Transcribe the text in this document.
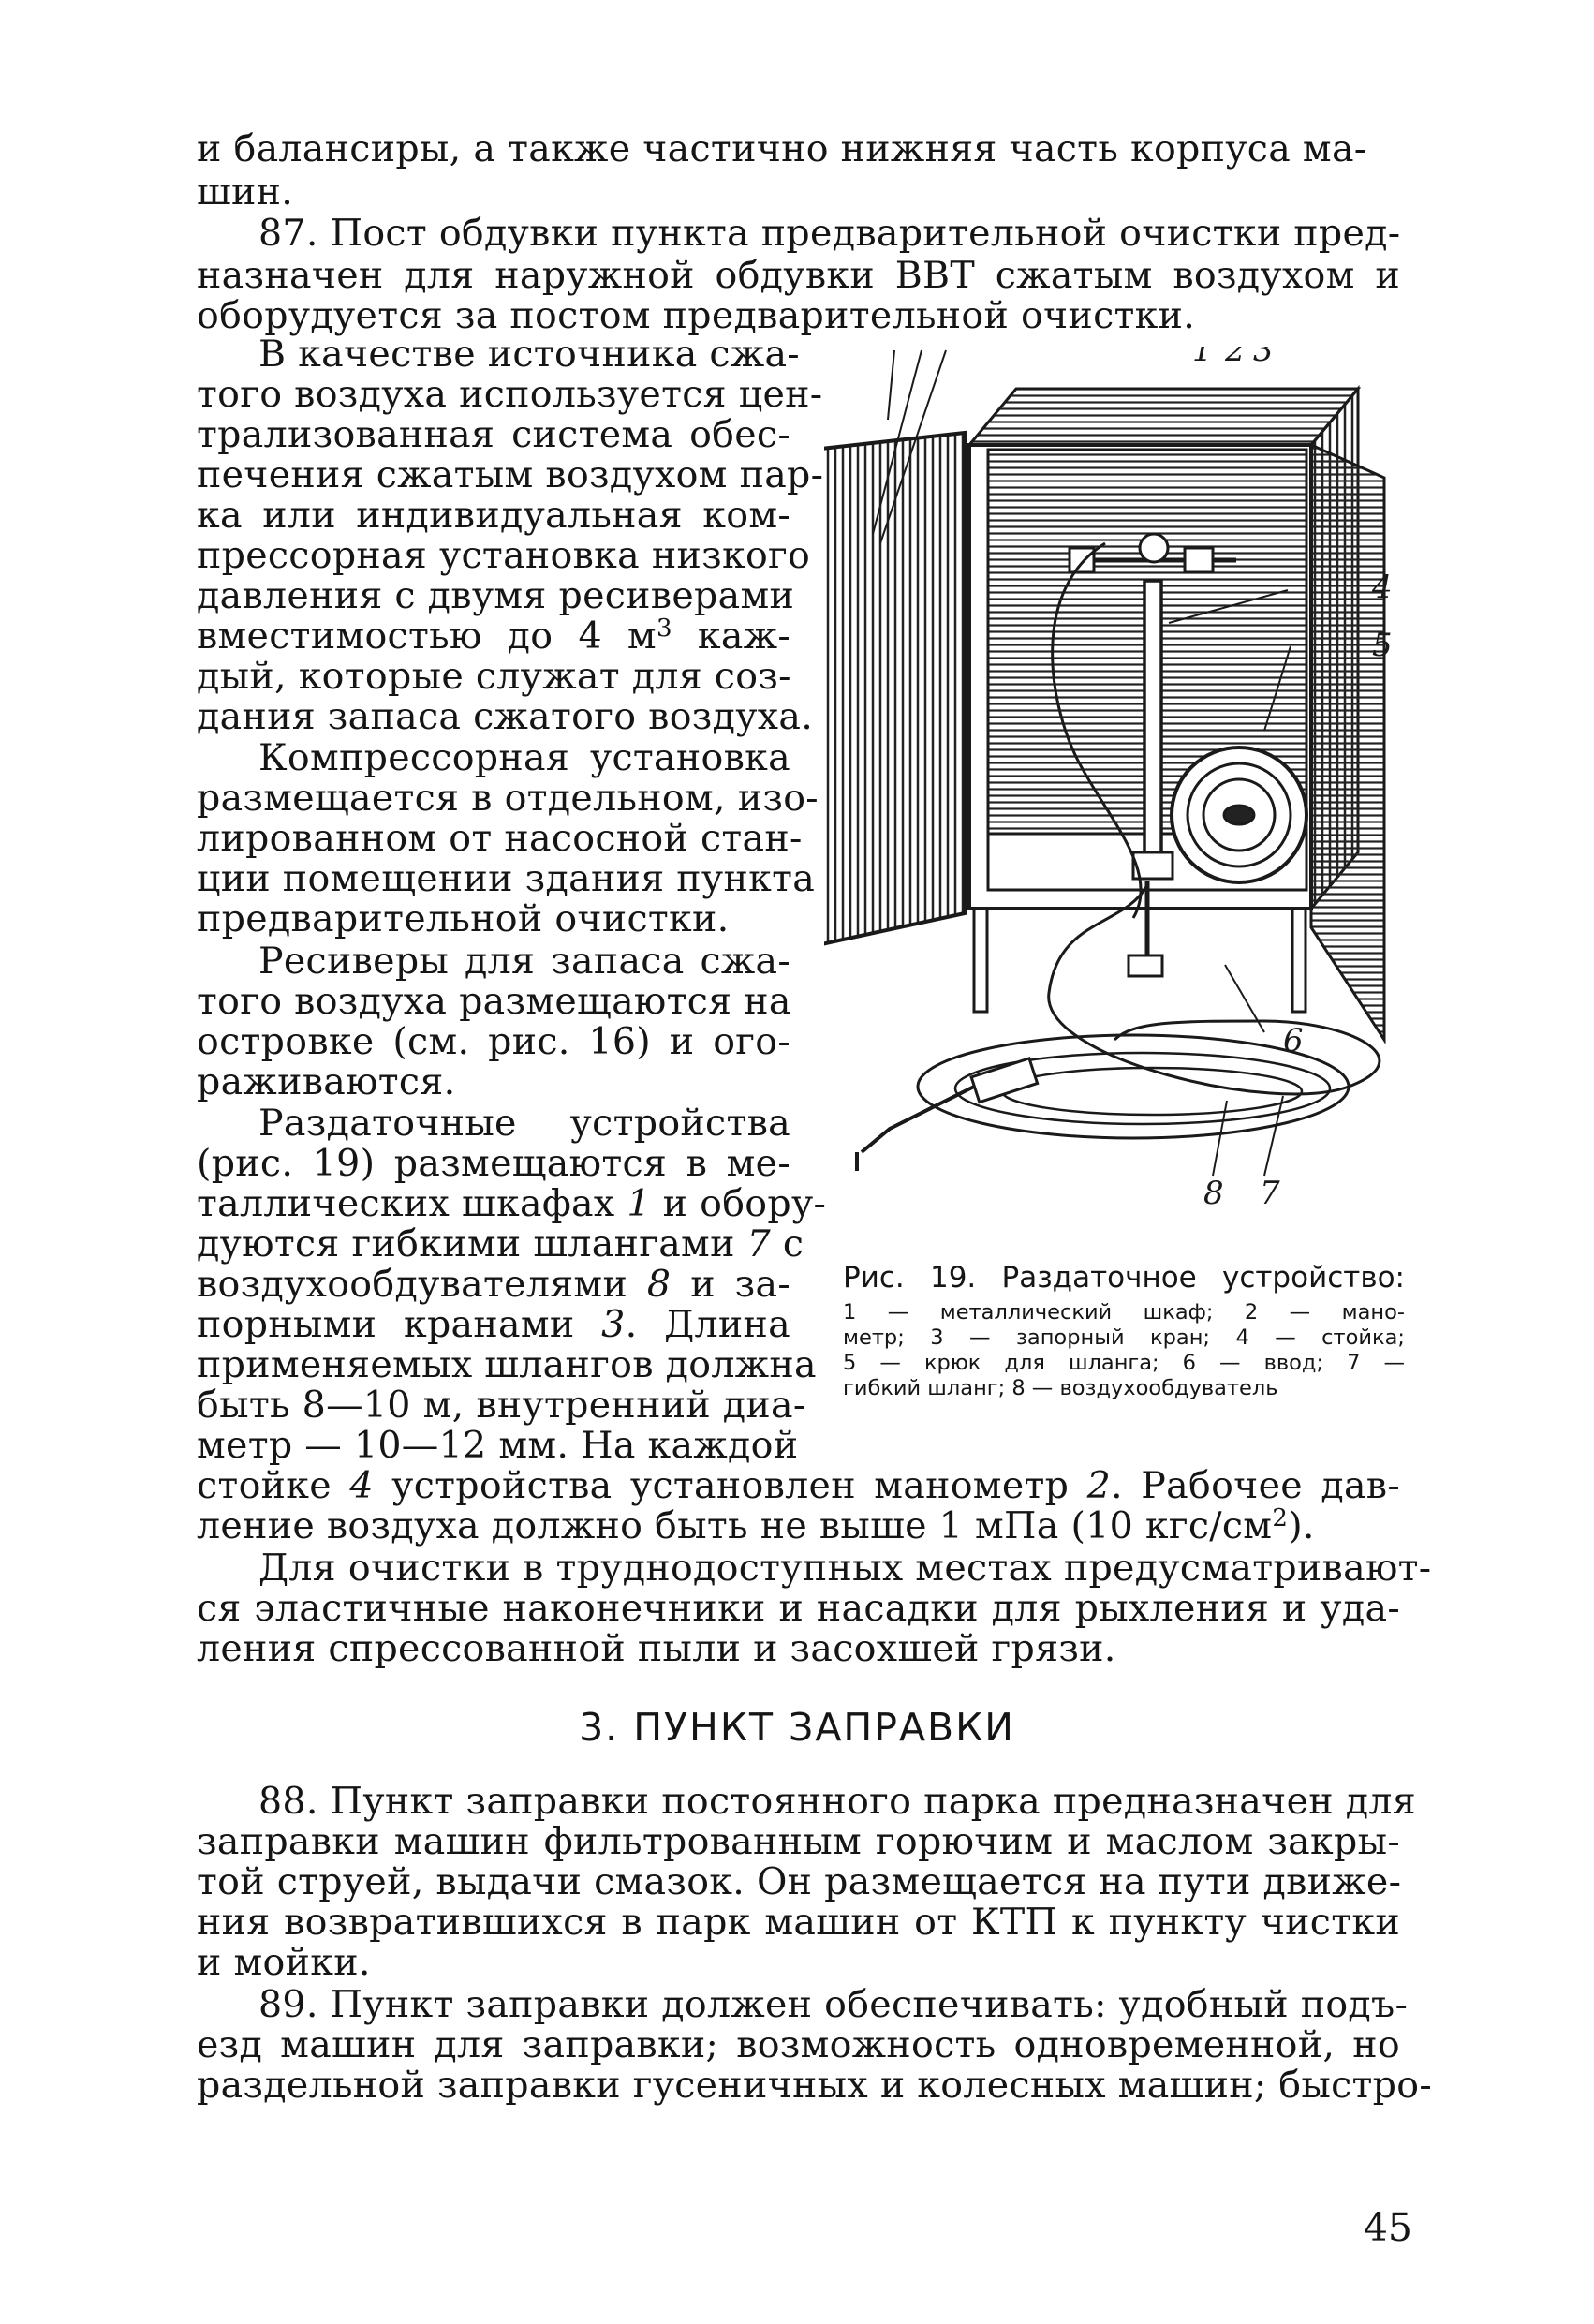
и балансиры, а также частично нижняя часть корпуса ма-
шин.
87. Пост обдувки пункта предварительной очистки пред-
назначен для наружной обдувки ВВТ сжатым воздухом и
оборудуется за постом предварительной очистки.
В качестве источника сжа-
того воздуха используется цен-
трализованная система обес-
печения сжатым воздухом пар-
ка или индивидуальная ком-
прессорная установка низкого
давления с двумя ресиверами
вместимостью до 4 $м^3$ каж-
дый, которые служат для соз-
дания запаса сжатого воздуха.
Компрессорная установка
размещается в отдельном, изо-
лированном от насосной стан-
ции помещении здания пункта
предварительной очистки.
Ресиверы для запаса сжа-
того воздуха размещаются на
островке (см. рис. 16) и ого-
раживаются.
Раздаточные устройства
(рис. 19) размещаются в ме-
таллических шкафах 1 и обору-
дуются гибкими шлангами 7 с
воздухообдувателями 8 и за-
порными кранами 3. Длина
применяемых шлангов должна
быть 8—10 м, внутренний диа-
метр — 10—12 мм. На каждой
стойке 4 устройства установлен манометр 2. Рабочее дав-
ление воздуха должно быть не выше 1 мПа (10 кгс/$см^2$).
Для очистки в труднодоступных местах предусматривают-
ся эластичные наконечники и насадки для рыхления и уда-
ления спрессованной пыли и засохшей грязи.
3. ПУНКТ ЗАПРАВКИ
88. Пункт заправки постоянного парка предназначен для
заправки машин фильтрованным горючим и маслом закры-
той струей, выдачи смазок. Он размещается на пути движе-
ния возвратившихся в парк машин от КТП к пункту чистки
и мойки.
89. Пункт заправки должен обеспечивать: удобный подъ-
езд машин для заправки; возможность одновременной, но
раздельной заправки гусеничных и колесных машин; быстро-
45
1 2 3
4
5
6
8 7
Рис. 19. Раздаточное устройство:
1 — металлический шкаф; 2 — мано-
метр; 3 — запорный кран; 4 — стойка;
5 — крюк для шланга; 6 — ввод; 7 —
гибкий шланг; 8 — воздухообдуватель
